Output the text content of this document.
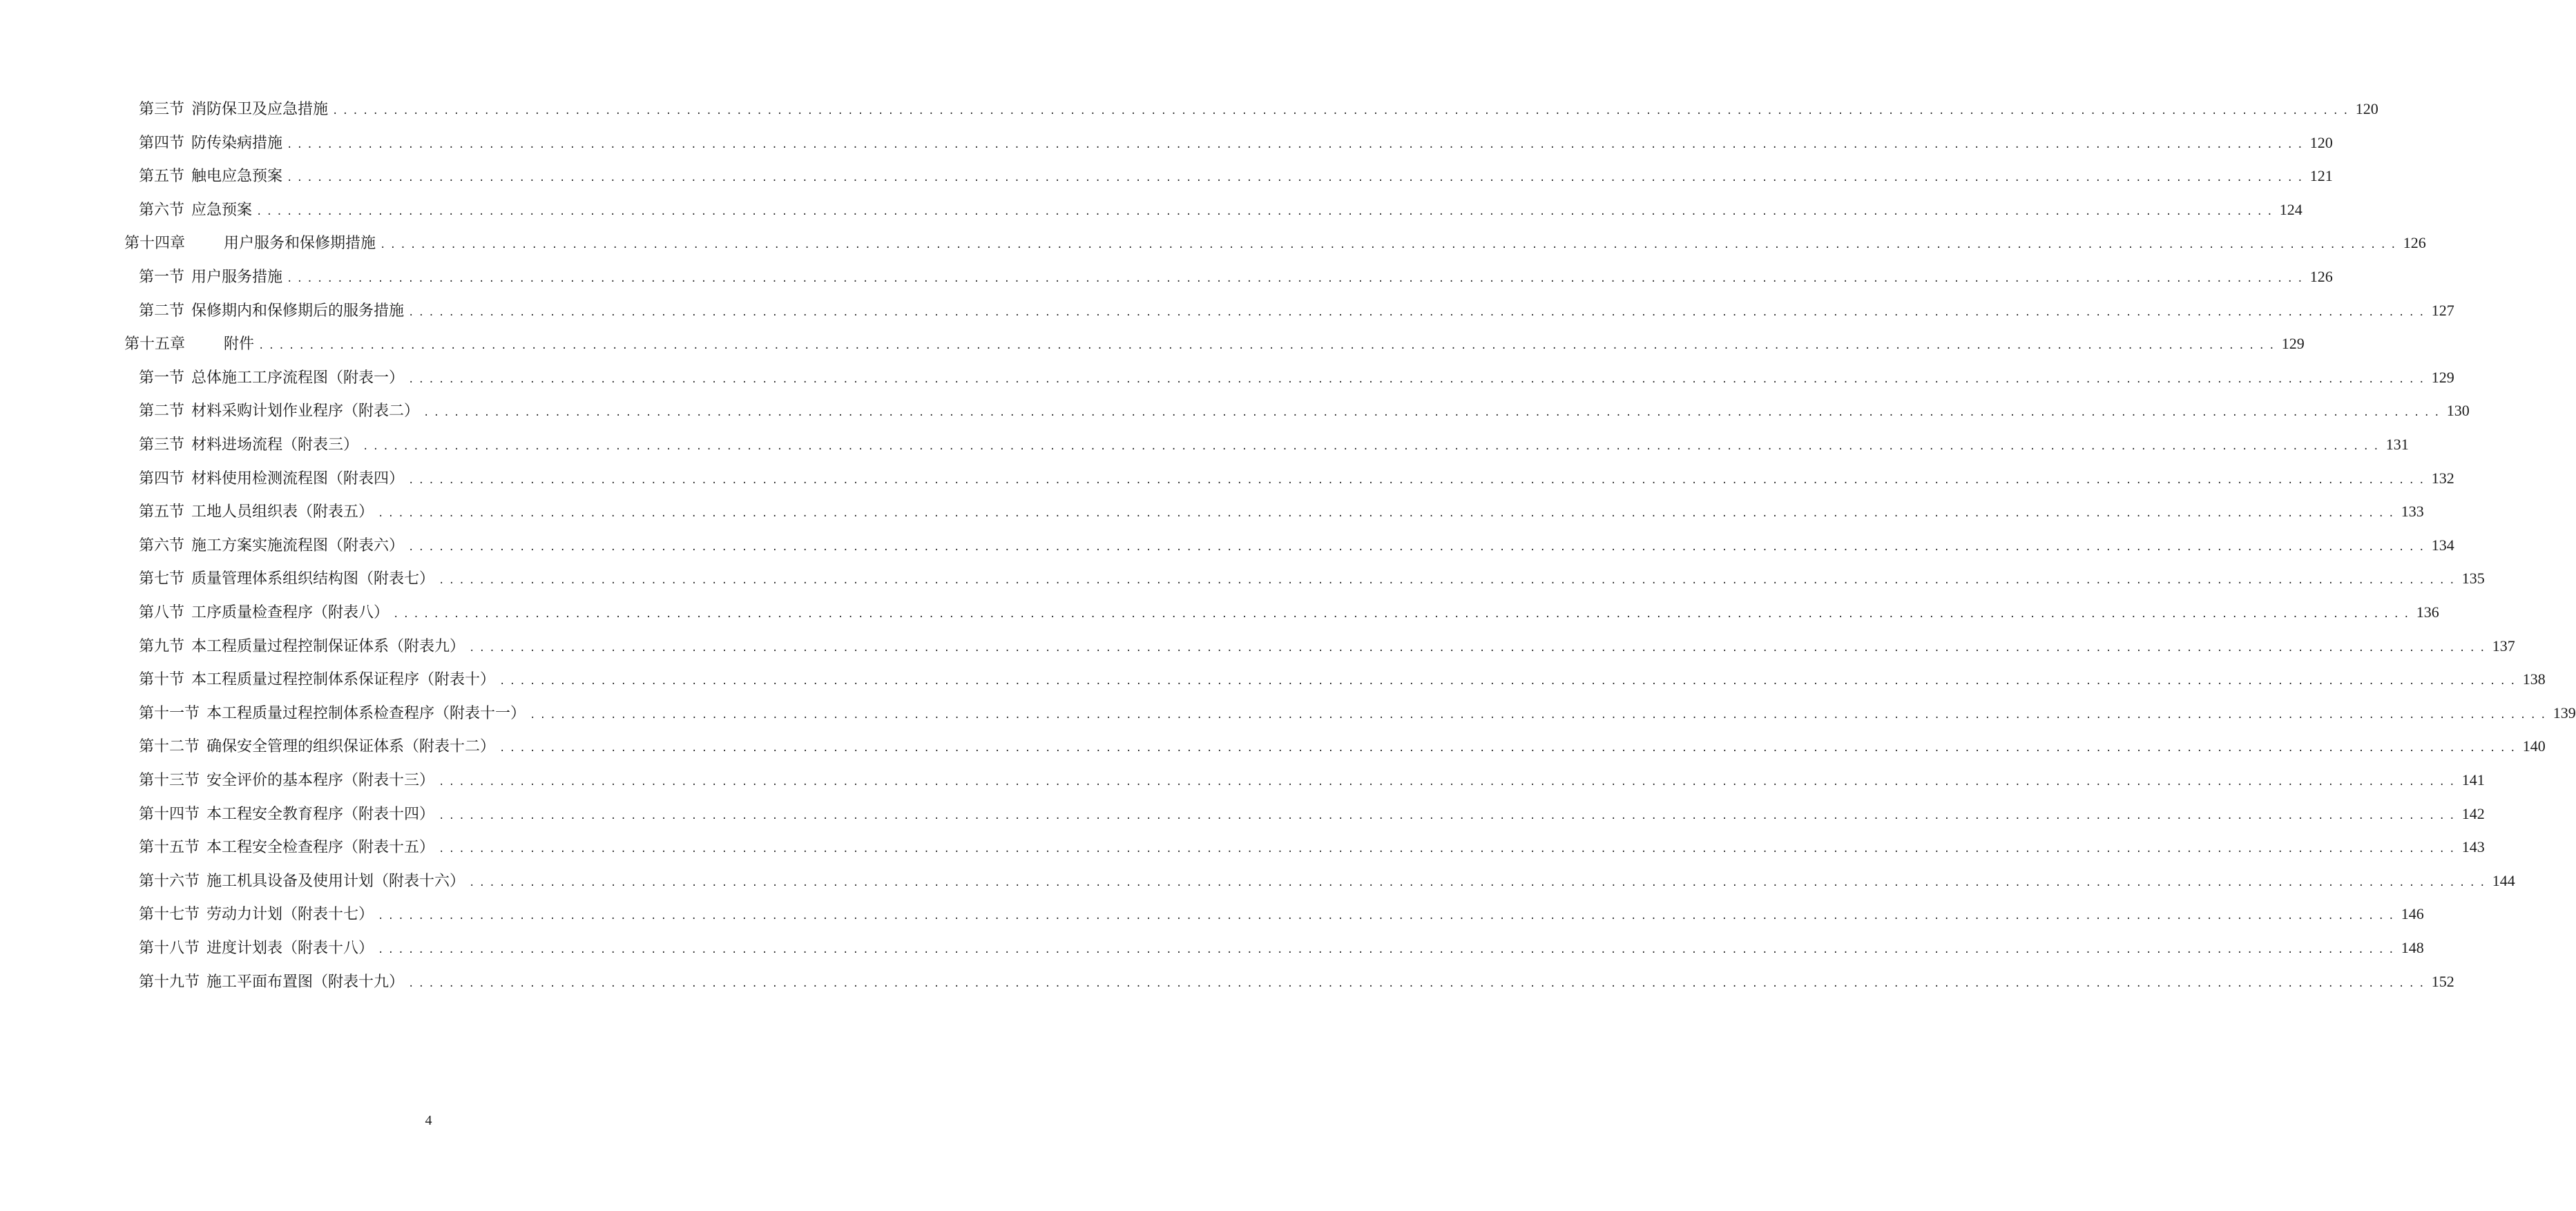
第三节 消防保卫及应急措施 ........................................................................................................................................................................................................ 120
第四节 防传染病措施 ........................................................................................................................................................................................................ 120
第五节 触电应急预案 ........................................................................................................................................................................................................ 121
第六节 应急预案 ........................................................................................................................................................................................................ 124
第十四章	用户服务和保修期措施 ........................................................................................................................................................................................................ 126
第一节 用户服务措施 ........................................................................................................................................................................................................ 126
第二节 保修期内和保修期后的服务措施 ........................................................................................................................................................................................................ 127
第十五章	附件 ........................................................................................................................................................................................................ 129
第一节 总体施工工序流程图（附表一） ........................................................................................................................................................................................................ 129
第二节 材料采购计划作业程序（附表二） ........................................................................................................................................................................................................ 130
第三节 材料进场流程（附表三） ........................................................................................................................................................................................................ 131
第四节 材料使用检测流程图（附表四） ........................................................................................................................................................................................................ 132
第五节 工地人员组织表（附表五） ........................................................................................................................................................................................................ 133
第六节 施工方案实施流程图（附表六） ........................................................................................................................................................................................................ 134
第七节 质量管理体系组织结构图（附表七） ........................................................................................................................................................................................................ 135
第八节 工序质量检查程序（附表八） ........................................................................................................................................................................................................ 136
第九节 本工程质量过程控制保证体系（附表九） ........................................................................................................................................................................................................ 137
第十节 本工程质量过程控制体系保证程序（附表十） ........................................................................................................................................................................................................ 138
第十一节 本工程质量过程控制体系检查程序（附表十一） ........................................................................................................................................................................................................ 139
第十二节 确保安全管理的组织保证体系（附表十二） ........................................................................................................................................................................................................ 140
第十三节 安全评价的基本程序（附表十三） ........................................................................................................................................................................................................ 141
第十四节 本工程安全教育程序（附表十四） ........................................................................................................................................................................................................ 142
第十五节 本工程安全检查程序（附表十五） ........................................................................................................................................................................................................ 143
第十六节 施工机具设备及使用计划（附表十六） ........................................................................................................................................................................................................ 144
第十七节 劳动力计划（附表十七） ........................................................................................................................................................................................................ 146
第十八节 进度计划表（附表十八） ........................................................................................................................................................................................................ 148
第十九节 施工平面布置图（附表十九） ........................................................................................................................................................................................................ 152
4
